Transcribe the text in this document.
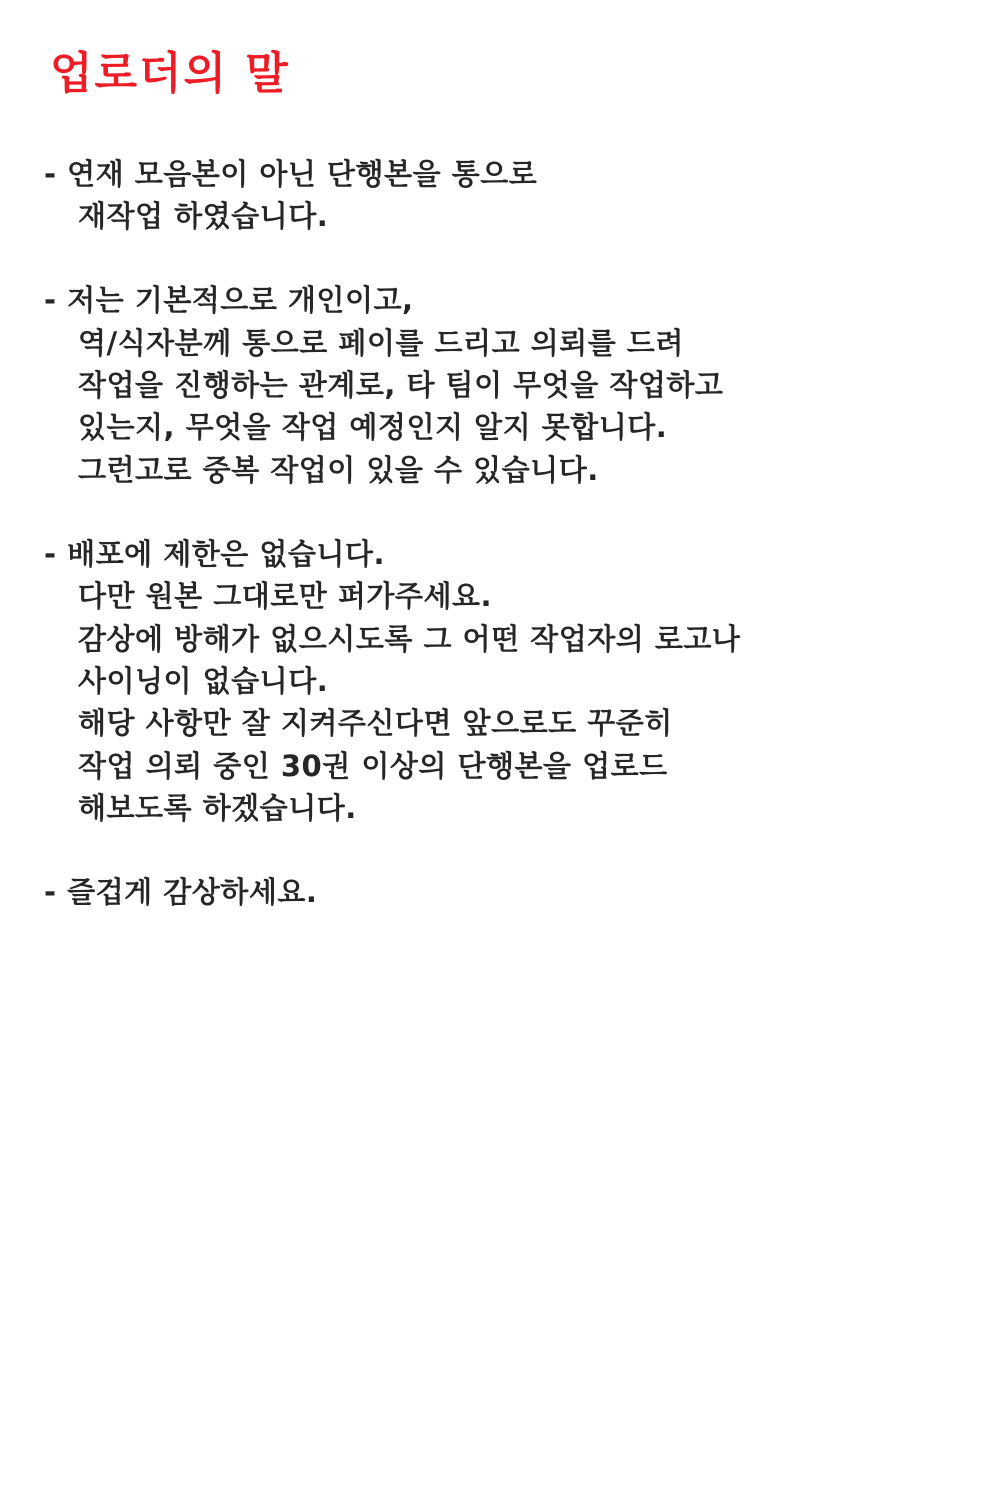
업로더의 말
- 연재 모음본이 아닌 단행본을 통으로
재작업 하였습니다.
- 저는 기본적으로 개인이고,
역/식자분께 통으로 페이를 드리고 의뢰를 드려
작업을 진행하는 관계로, 타 팀이 무엇을 작업하고
있는지, 무엇을 작업 예정인지 알지 못합니다.
그런고로 중복 작업이 있을 수 있습니다.
- 배포에 제한은 없습니다.
다만 원본 그대로만 퍼가주세요.
감상에 방해가 없으시도록 그 어떤 작업자의 로고나
사이닝이 없습니다.
해당 사항만 잘 지켜주신다면 앞으로도 꾸준히
작업 의뢰 중인 30권 이상의 단행본을 업로드
해보도록 하겠습니다.
- 즐겁게 감상하세요.
